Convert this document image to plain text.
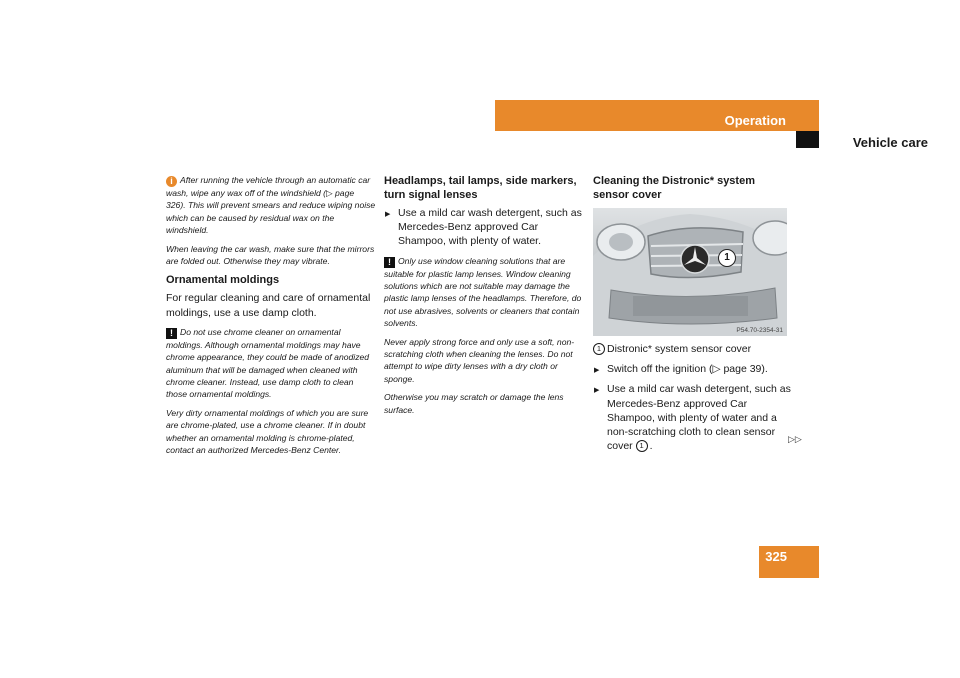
Operation
Vehicle care

i After running the vehicle through an automatic car wash, wipe any wax off of the windshield (▷ page 326). This will prevent smears and reduce wiping noise which can be caused by residual wax on the windshield.

When leaving the car wash, make sure that the mirrors are folded out. Otherwise they may vibrate.

Ornamental moldings

For regular cleaning and care of ornamental moldings, use a use damp cloth.

! Do not use chrome cleaner on ornamental moldings. Although ornamental moldings may have chrome appearance, they could be made of anodized aluminum that will be damaged when cleaned with chrome cleaner. Instead, use damp cloth to clean those ornamental moldings.

Very dirty ornamental moldings of which you are sure are chrome-plated, use a chrome cleaner. If in doubt whether an ornamental molding is chrome-plated, contact an authorized Mercedes-Benz Center.

Headlamps, tail lamps, side markers, turn signal lenses

▶ Use a mild car wash detergent, such as Mercedes-Benz approved Car Shampoo, with plenty of water.

! Only use window cleaning solutions that are suitable for plastic lamp lenses. Window cleaning solutions which are not suitable may damage the plastic lamp lenses of the headlamps. Therefore, do not use abrasives, solvents or cleaners that contain solvents.

Never apply strong force and only use a soft, non-scratching cloth when cleaning the lenses. Do not attempt to wipe dirty lenses with a dry cloth or sponge.

Otherwise you may scratch or damage the lens surface.

Cleaning the Distronic* system sensor cover
1
P54.70-2354-31

1 Distronic* system sensor cover

▶ Switch off the ignition (▷ page 39).

▶ Use a mild car wash detergent, such as Mercedes-Benz approved Car Shampoo, with plenty of water and a non-scratching cloth to clean sensor cover 1 .

▷▷
325
